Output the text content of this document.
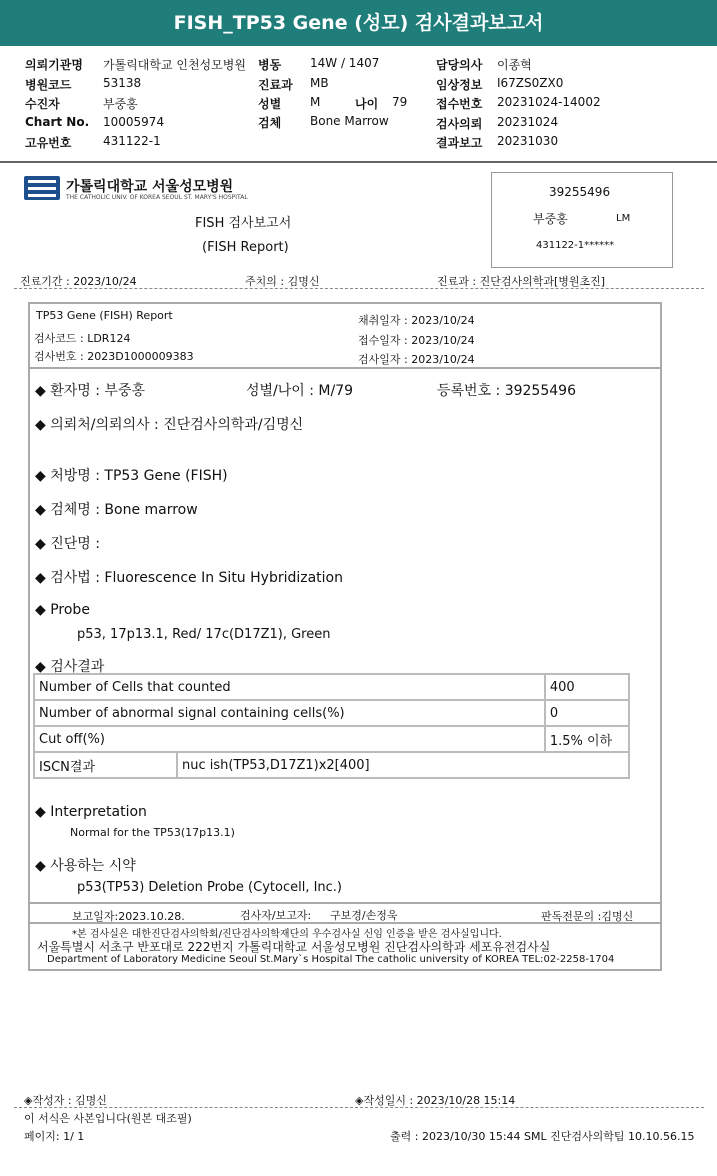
FISH_TP53 Gene (성모) 검사결과보고서
의뢰기관명 가톨릭대학교 인천성모병원
병원코드	53138
수진자	부중홍
Chart No. 10005974
고유번호	431122-1
병동 14W / 1407
진료과 MB
성별 M	나이 79
검체 Bone Marrow
담당의사 이종혁
임상정보 I67ZS0ZX0
접수번호 20231024-14002
검사의뢰 20231024
결과보고 20231030
가톨릭대학교 서울성모병원
THE CATHOLIC UNIV. OF KOREA SEOUL ST. MARY'S HOSPITAL
FISH 검사보고서
(FISH Report)
39255496
부중홍	LM
431122-1******
진료기간 : 2023/10/24	주치의 : 김명신	진료과 : 진단검사의학과[병원초진]
TP53 Gene (FISH) Report
검사코드 : LDR124
검사번호 : 2023D1000009383
채취일자 : 2023/10/24
접수일자 : 2023/10/24
검사일자 : 2023/10/24
◆ 환자명 : 부중홍	성별/나이 : M/79	등록번호 : 39255496
◆ 의뢰처/의뢰의사 : 진단검사의학과/김명신
◆ 처방명 : TP53 Gene (FISH)
◆ 검체명 : Bone marrow
◆ 진단명 :
◆ 검사법 : Fluorescence In Situ Hybridization
◆ Probe
p53, 17p13.1, Red/ 17c(D17Z1), Green
◆ 검사결과
Number of Cells that counted		400
Number of abnormal signal containing cells(%)		0
Cut off(%)		1.5% 이하
ISCN결과	nuc ish(TP53,D17Z1)x2[400]	
◆ Interpretation
Normal for the TP53(17p13.1)
◆ 사용하는 시약
p53(TP53) Deletion Probe (Cytocell, Inc.)
보고일자:2023.10.28.	검사자/보고자: 구보경/손정욱	판독전문의 :김명신
*본 검사실은 대한진단검사의학회/진단검사의학재단의 우수검사실 신임 인증을 받은 검사실입니다.
서울특별시 서초구 반포대로 222번지 가톨릭대학교 서울성모병원 진단검사의학과 세포유전검사실
Department of Laboratory Medicine Seoul St.Mary`s Hospital The catholic university of KOREA TEL:02-2258-1704
◈작성자 : 김명신	◈작성일시 : 2023/10/28 15:14
이 서식은 사본입니다(원본 대조필)
페이지: 1/ 1	출력 : 2023/10/30 15:44 SML 진단검사의학팀 10.10.56.15
